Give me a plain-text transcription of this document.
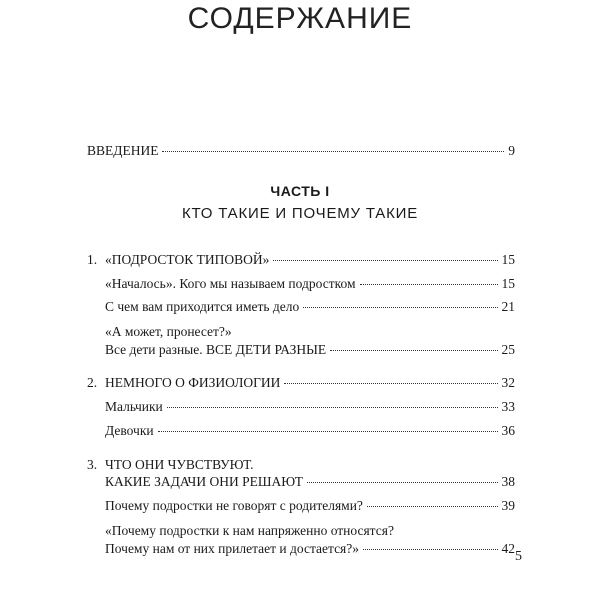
СОДЕРЖАНИЕ
ВВЕДЕНИЕ	9
ЧАСТЬ I
КТО ТАКИЕ И ПОЧЕМУ ТАКИЕ
1. «ПОДРОСТОК ТИПОВОЙ»	15
«Началось». Кого мы называем подростком	15
С чем вам приходится иметь дело	21
«А может, пронесет?»
Все дети разные. ВСЕ ДЕТИ РАЗНЫЕ	25
2. НЕМНОГО О ФИЗИОЛОГИИ	32
Мальчики	33
Девочки	36
3. ЧТО ОНИ ЧУВСТВУЮТ.
КАКИЕ ЗАДАЧИ ОНИ РЕШАЮТ	38
Почему подростки не говорят с родителями?	39
«Почему подростки к нам напряженно относятся?
Почему нам от них прилетает и достается?»	42
5
